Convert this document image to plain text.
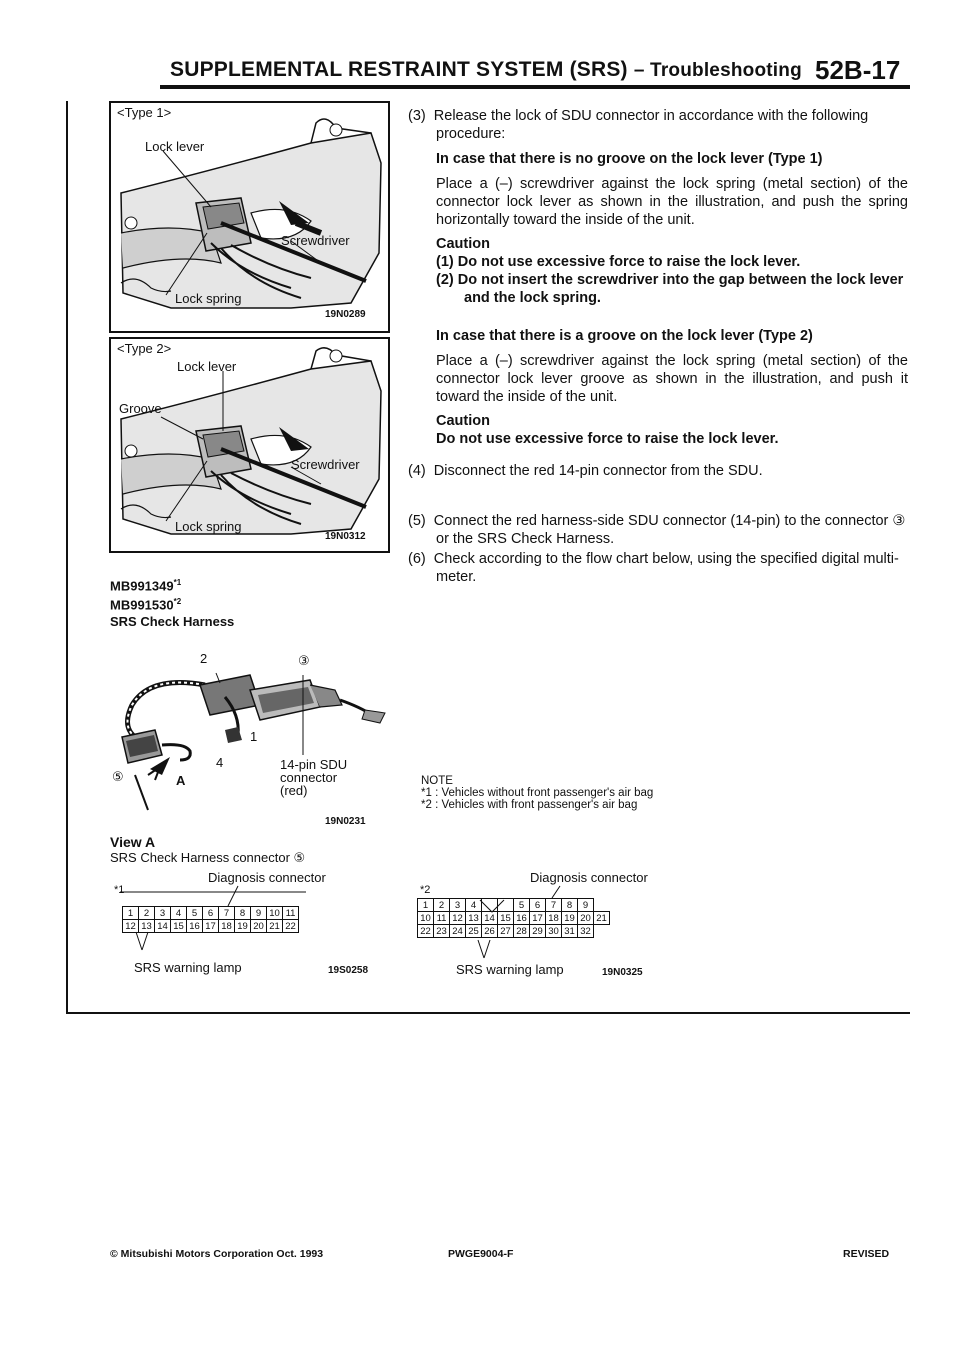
SUPPLEMENTAL RESTRAINT SYSTEM (SRS) – Troubleshooting 52B-17
<Type 1>
Lock lever
Screwdriver
Lock spring
19N0289
<Type 2>
Lock lever
Groove
Screwdriver
Lock spring
19N0312
MB991349$^{*1}$
MB991530$^{*2}$
SRS Check Harness
2	③
1
4
⑤	A
14-pin SDU
connector
(red)
19N0231
View A
SRS Check Harness connector ⑤
Diagnosis connector
*1
1	2	3	4	5	6	7	8	9	10	11
12	13	14	15	16	17	18	19	20	21	22
SRS warning lamp	19S0258
Diagnosis connector
*2
1	2	3	4			5	6	7	8	9	
10	11	12	13	14	15	16	17	18	19	20	21
22	23	24	25	26	27	28	29	30	31	32	
SRS warning lamp	19N0325

(3) Release the lock of SDU connector in accordance with the following procedure:

In case that there is no groove on the lock lever (Type 1)

Place a (–) screwdriver against the lock spring (metal section) of the connector lock lever as shown in the illustration, and push the spring horizontally toward the inside of the unit.

Caution

(1) Do not use excessive force to raise the lock lever.

(2) Do not insert the screwdriver into the gap between the lock lever and the lock spring.

In case that there is a groove on the lock lever (Type 2)

Place a (–) screwdriver against the lock spring (metal section) of the connector lock lever groove as shown in the illustration, and push it toward the inside of the unit.

Caution

Do not use excessive force to raise the lock lever.

(4) Disconnect the red 14-pin connector from the SDU.

(5) Connect the red harness-side SDU connector (14-pin) to the connector ③ or the SRS Check Harness.

(6) Check according to the flow chart below, using the specified digital multi-meter.

NOTE
*1 : Vehicles without front passenger's air bag
*2 : Vehicles with front passenger's air bag
© Mitsubishi Motors Corporation Oct. 1993	PWGE9004-F	REVISED
